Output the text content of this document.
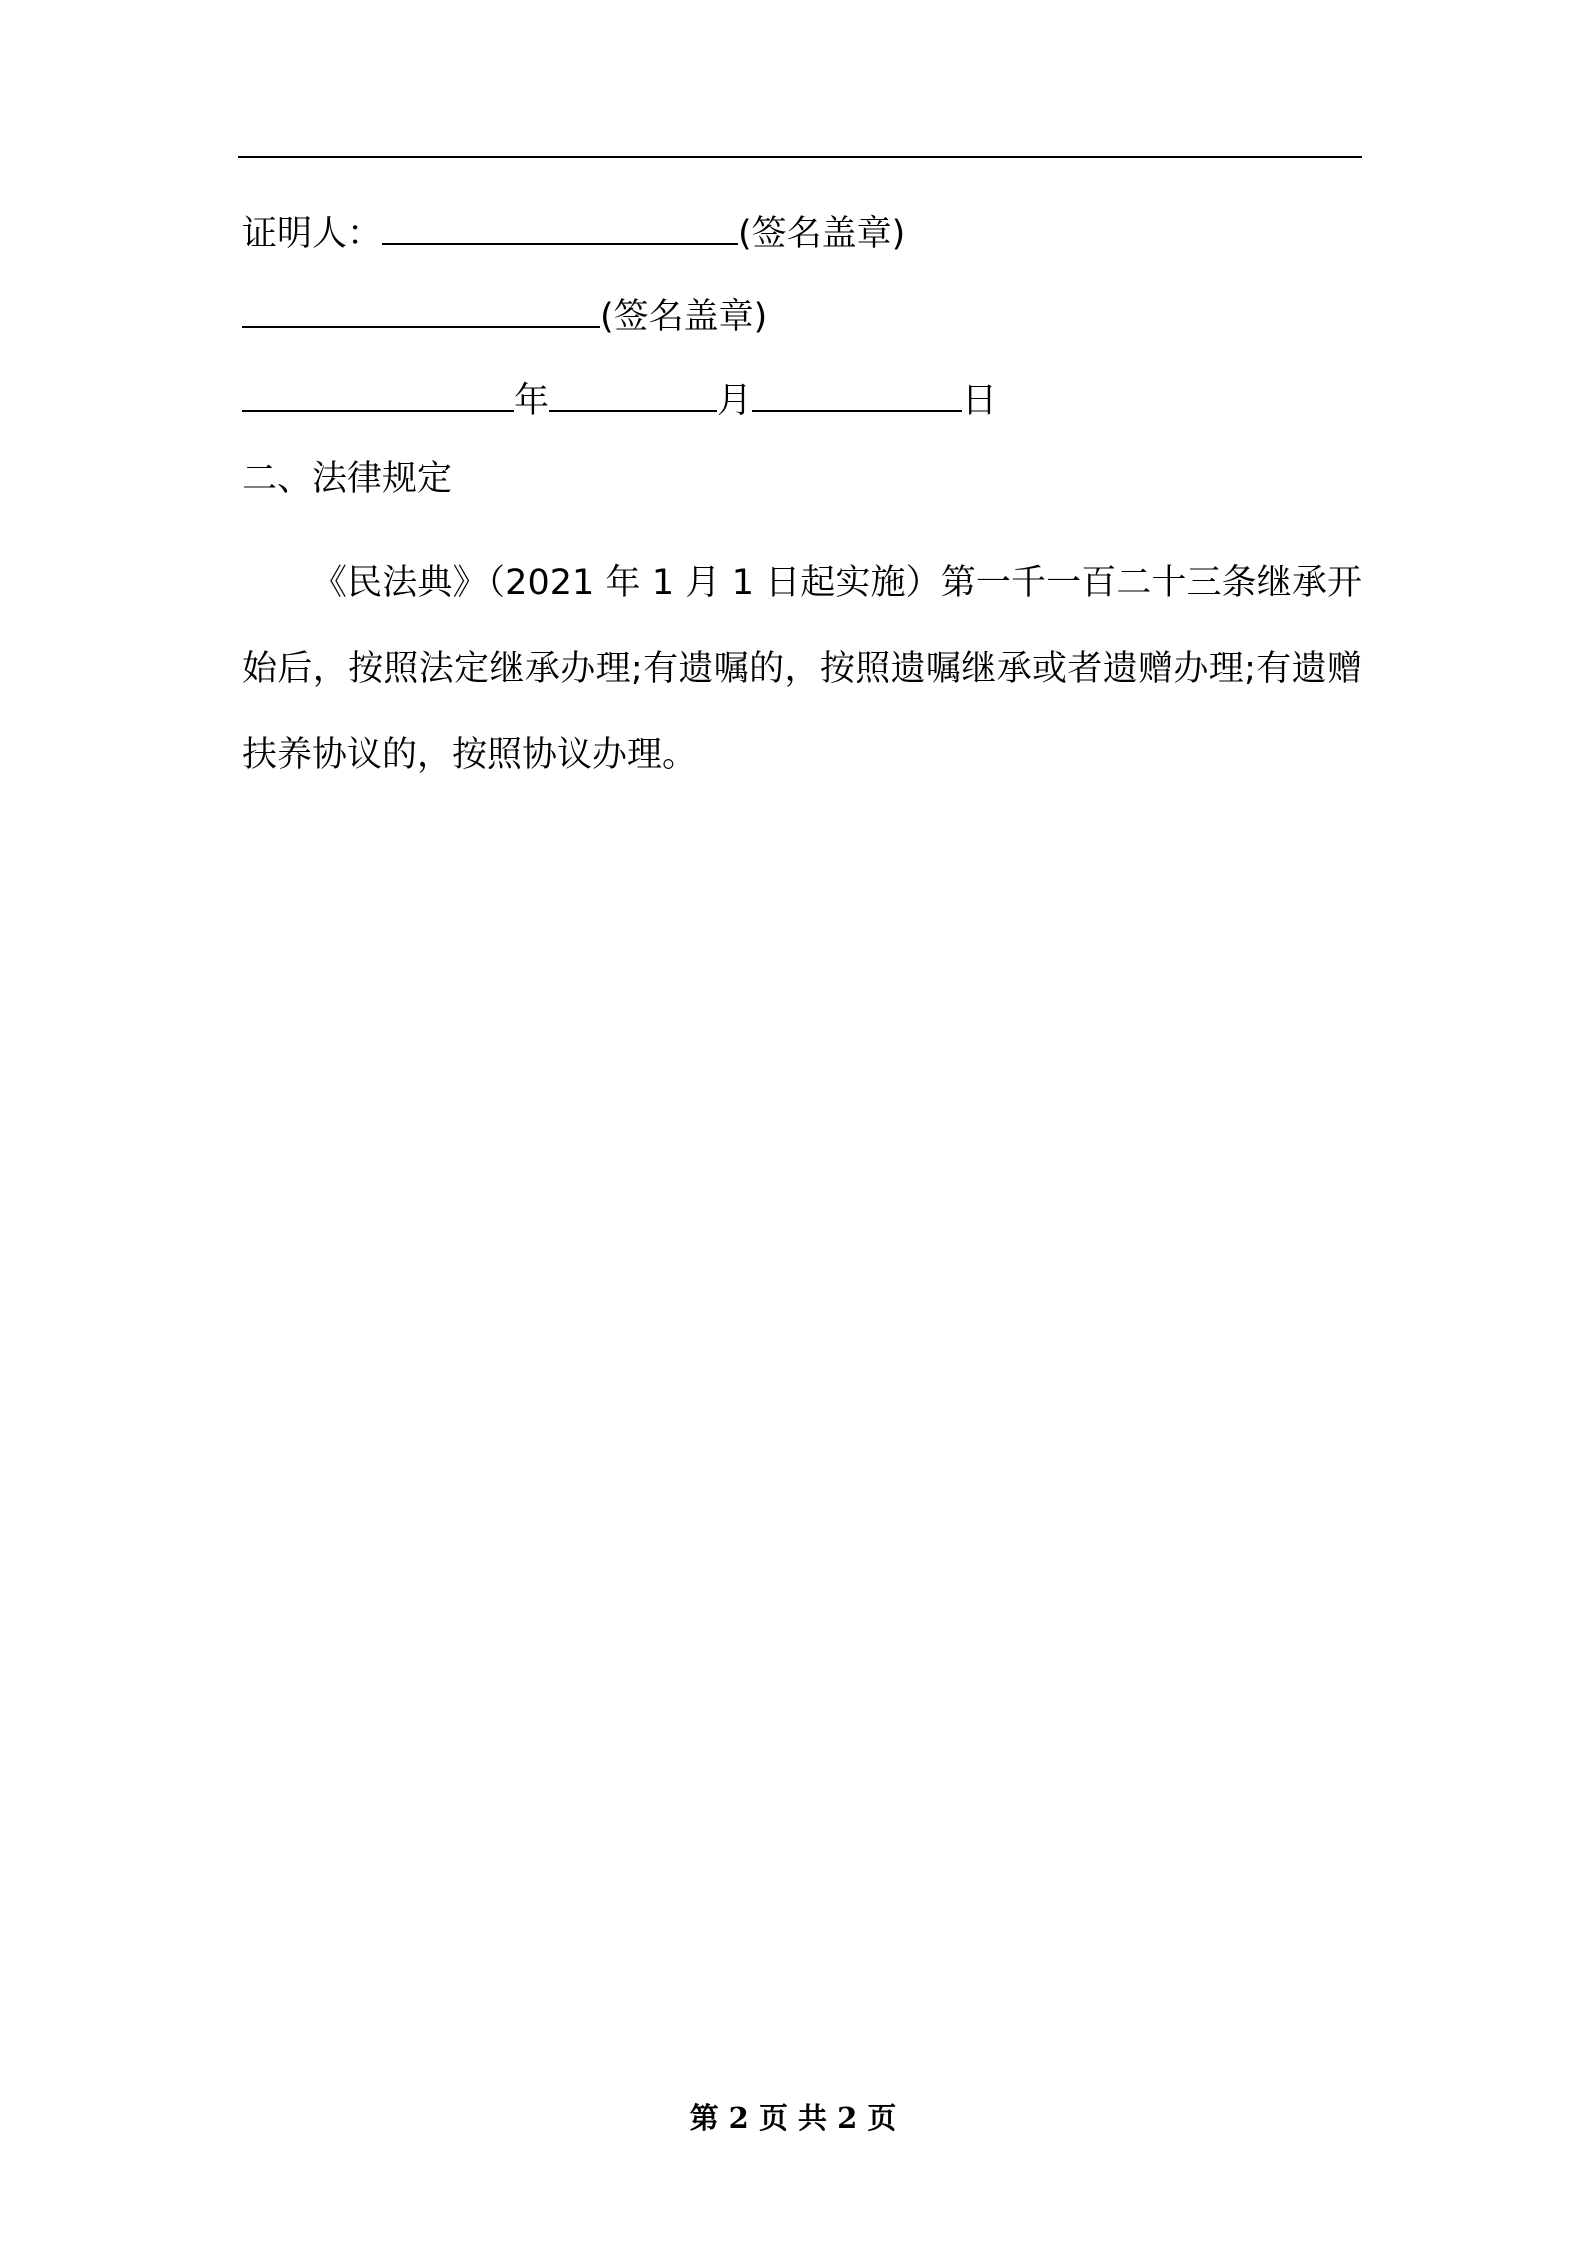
证明人：	(签名盖章)
(签名盖章)
年	月	日
二、法律规定
《民法典》（2021 年 1 月 1 日起实施）第一千一百二十三条继承开始后，按照法定继承办理;有遗嘱的，按照遗嘱继承或者遗赠办理;有遗赠扶养协议的，按照协议办理。
第 2 页 共 2 页
